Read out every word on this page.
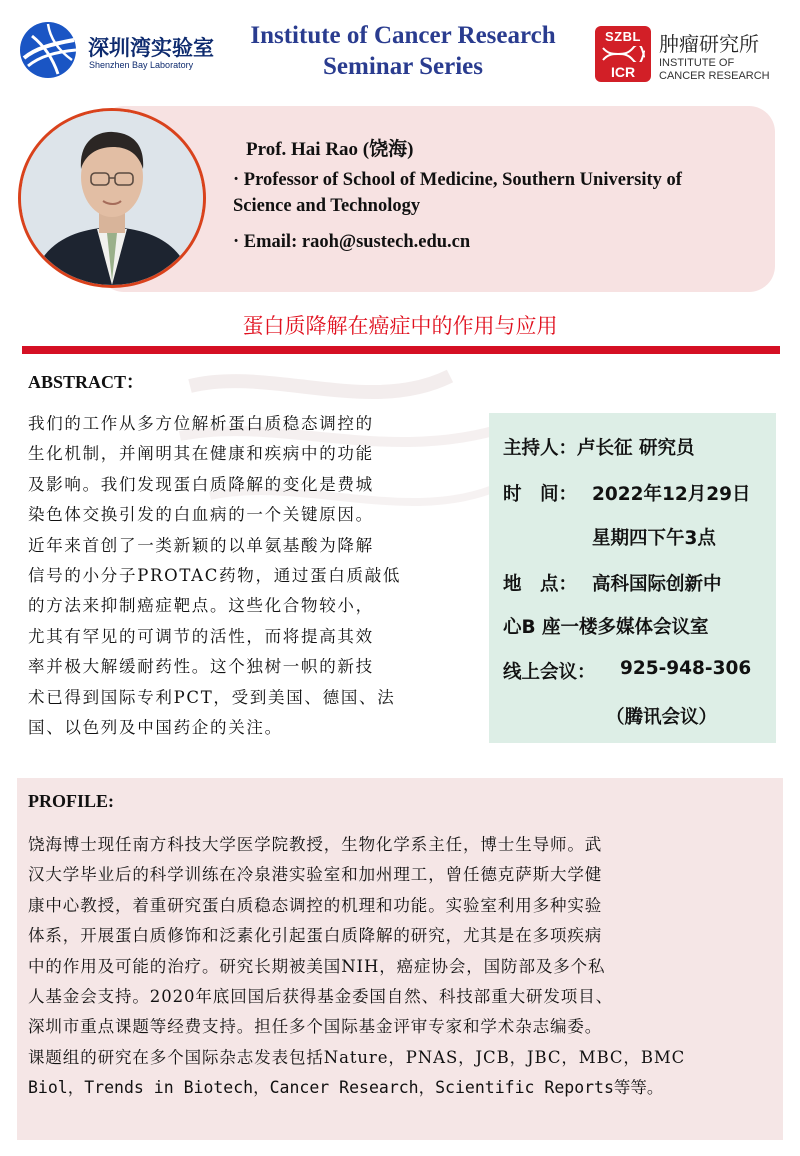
深圳湾实验室
Shenzhen Bay Laboratory
Institute of Cancer Research
Seminar Series
SZBL
ICR
肿瘤研究所
INSTITUTE OF
CANCER RESEARCH
Prof. Hai Rao (饶海)
· Professor of School of Medicine, Southern University of
Science and Technology
· Email: raoh@sustech.edu.cn
蛋白质降解在癌症中的作用与应用
ABSTRACT：
我们的工作从多方位解析蛋白质稳态调控的
生化机制，并阐明其在健康和疾病中的功能
及影响。我们发现蛋白质降解的变化是费城
染色体交换引发的白血病的一个关键原因。
近年来首创了一类新颖的以单氨基酸为降解
信号的小分子PROTAC药物，通过蛋白质敲低
的方法来抑制癌症靶点。这些化合物较小，
尤其有罕见的可调节的活性，而将提高其效
率并极大解缓耐药性。这个独树一帜的新技
术已得到国际专利PCT，受到美国、德国、法
国、以色列及中国药企的关注。
主持人：卢长征 研究员
时　间： 2022年12月29日
星期四下午3点
地　点： 高科国际创新中
心B 座一楼多媒体会议室
线上会议： 925-948-306
（腾讯会议）
PROFILE:
饶海博士现任南方科技大学医学院教授，生物化学系主任，博士生导师。武
汉大学毕业后的科学训练在冷泉港实验室和加州理工，曾任德克萨斯大学健
康中心教授，着重研究蛋白质稳态调控的机理和功能。实验室利用多种实验
体系，开展蛋白质修饰和泛素化引起蛋白质降解的研究，尤其是在多项疾病
中的作用及可能的治疗。研究长期被美国NIH，癌症协会，国防部及多个私
人基金会支持。2020年底回国后获得基金委国自然、科技部重大研发项目、
深圳市重点课题等经费支持。担任多个国际基金评审专家和学术杂志编委。
课题组的研究在多个国际杂志发表包括Nature，PNAS，JCB，JBC，MBC，BMC
Biol，Trends in Biotech，Cancer Research，Scientific Reports等等。
